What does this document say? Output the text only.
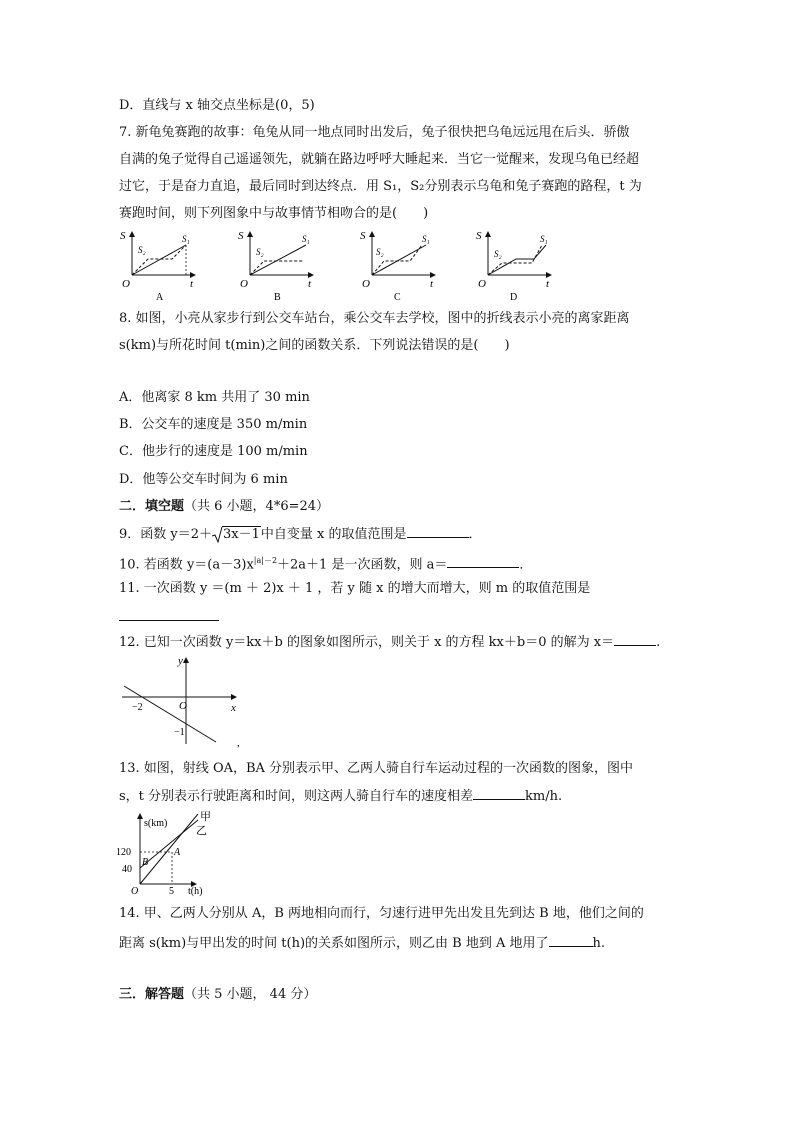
D．直线与 x 轴交点坐标是(0，5)
7. 新龟兔赛跑的故事：龟兔从同一地点同时出发后，兔子很快把乌龟远远甩在后头．骄傲
自满的兔子觉得自己遥遥领先，就躺在路边呼呼大睡起来．当它一觉醒来，发现乌龟已经超
过它，于是奋力直追，最后同时到达终点．用 S₁，S₂分别表示乌龟和兔子赛跑的路程，t 为
赛跑时间，则下列图象中与故事情节相吻合的是(　　)
S
O	t
S₂
S₁
A
S
O	t
S₂
S₁
B
S
O	t
S₂
S₁
C
S
O	t
S₂
S₁
D
8. 如图，小亮从家步行到公交车站台，乘公交车去学校，图中的折线表示小亮的离家距离
s(km)与所花时间 t(min)之间的函数关系．下列说法错误的是(　　)
A．他离家 8 km 共用了 30 min
B．公交车的速度是 350 m/min
C．他步行的速度是 100 m/min
D．他等公交车时间为 6 min
二．填空题（共 6 小题，4*6=24）
9．函数 y＝2＋ 3x－1中自变量 x 的取值范围是	．
10. 若函数 $y=(a-3)x^{|a|-2}+2a+1$ 是一次函数，则 a＝	．
11. 一次函数 y ＝(m ＋ 2)x ＋ 1 ，若 y 随 x 的增大而增大，则 m 的取值范围是
12. 已知一次函数 y＝kx＋b 的图象如图所示，则关于 x 的方程 kx＋b＝0 的解为 x＝	.
y
x
O
−2
−1
,
13. 如图，射线 OA，BA 分别表示甲、乙两人骑自行车运动过程的一次函数的图象，图中
s，t 分别表示行驶距离和时间，则这两人骑自行车的速度相差	km/h.
s(km)
120
40
B
A
O	5 t(h)
甲
乙
14. 甲、乙两人分别从 A，B 两地相向而行，匀速行进甲先出发且先到达 B 地，他们之间的
距离 s(km)与甲出发的时间 t(h)的关系如图所示，则乙由 B 地到 A 地用了	h.
三．解答题（共 5 小题， 44 分）
